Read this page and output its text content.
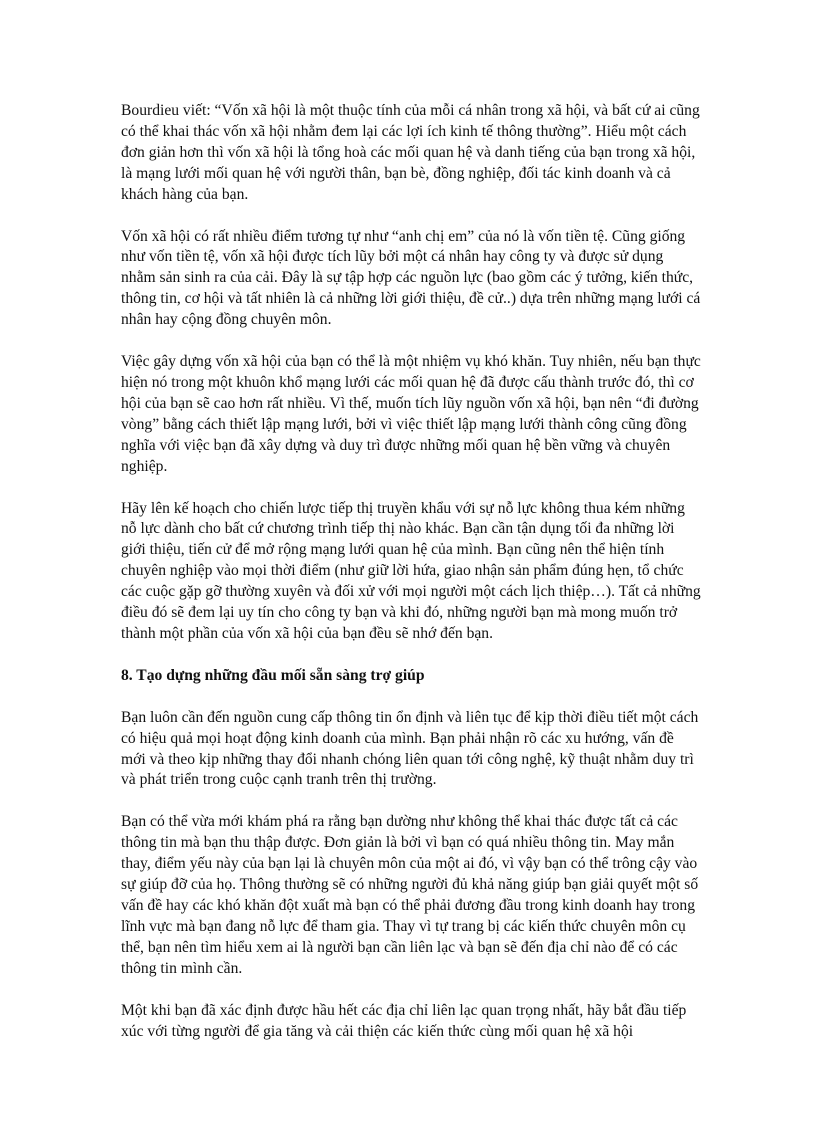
Bourdieu viết: “Vốn xã hội là một thuộc tính của mỗi cá nhân trong xã hội, và bất cứ ai cũng có thể khai thác vốn xã hội nhằm đem lại các lợi ích kinh tế thông thường”. Hiểu một cách đơn giản hơn thì vốn xã hội là tổng hoà các mối quan hệ và danh tiếng của bạn trong xã hội, là mạng lưới mối quan hệ với người thân, bạn bè, đồng nghiệp, đối tác kinh doanh và cả khách hàng của bạn.

Vốn xã hội có rất nhiều điểm tương tự như “anh chị em” của nó là vốn tiền tệ. Cũng giống như vốn tiền tệ, vốn xã hội được tích lũy bởi một cá nhân hay công ty và được sử dụng nhằm sản sinh ra của cải. Đây là sự tập hợp các nguồn lực (bao gồm các ý tưởng, kiến thức, thông tin, cơ hội và tất nhiên là cả những lời giới thiệu, đề cử..) dựa trên những mạng lưới cá nhân hay cộng đồng chuyên môn.

Việc gây dựng vốn xã hội của bạn có thể là một nhiệm vụ khó khăn. Tuy nhiên, nếu bạn thực hiện nó trong một khuôn khổ mạng lưới các mối quan hệ đã được cấu thành trước đó, thì cơ hội của bạn sẽ cao hơn rất nhiều. Vì thế, muốn tích lũy nguồn vốn xã hội, bạn nên “đi đường vòng” bằng cách thiết lập mạng lưới, bởi vì việc thiết lập mạng lưới thành công cũng đồng nghĩa với việc bạn đã xây dựng và duy trì được những mối quan hệ bền vững và chuyên nghiệp.

Hãy lên kế hoạch cho chiến lược tiếp thị truyền khẩu với sự nỗ lực không thua kém những nỗ lực dành cho bất cứ chương trình tiếp thị nào khác. Bạn cần tận dụng tối đa những lời giới thiệu, tiến cử để mở rộng mạng lưới quan hệ của mình. Bạn cũng nên thể hiện tính chuyên nghiệp vào mọi thời điểm (như giữ lời hứa, giao nhận sản phẩm đúng hẹn, tổ chức các cuộc gặp gỡ thường xuyên và đối xử với mọi người một cách lịch thiệp…). Tất cả những điều đó sẽ đem lại uy tín cho công ty bạn và khi đó, những người bạn mà mong muốn trở thành một phần của vốn xã hội của bạn đều sẽ nhớ đến bạn.

8. Tạo dựng những đầu mối sẵn sàng trợ giúp

Bạn luôn cần đến nguồn cung cấp thông tin ổn định và liên tục để kịp thời điều tiết một cách có hiệu quả mọi hoạt động kinh doanh của mình. Bạn phải nhận rõ các xu hướng, vấn đề mới và theo kịp những thay đổi nhanh chóng liên quan tới công nghệ, kỹ thuật nhằm duy trì và phát triển trong cuộc cạnh tranh trên thị trường.

Bạn có thể vừa mới khám phá ra rằng bạn dường như không thể khai thác được tất cả các thông tin mà bạn thu thập được. Đơn giản là bởi vì bạn có quá nhiều thông tin. May mắn thay, điểm yếu này của bạn lại là chuyên môn của một ai đó, vì vậy bạn có thể trông cậy vào sự giúp đỡ của họ. Thông thường sẽ có những người đủ khả năng giúp bạn giải quyết một số vấn đề hay các khó khăn đột xuất mà bạn có thể phải đương đầu trong kinh doanh hay trong lĩnh vực mà bạn đang nỗ lực để tham gia. Thay vì tự trang bị các kiến thức chuyên môn cụ thể, bạn nên tìm hiểu xem ai là người bạn cần liên lạc và bạn sẽ đến địa chỉ nào để có các thông tin mình cần.

Một khi bạn đã xác định được hầu hết các địa chỉ liên lạc quan trọng nhất, hãy bắt đầu tiếp xúc với từng người để gia tăng và cải thiện các kiến thức cùng mối quan hệ xã hội
